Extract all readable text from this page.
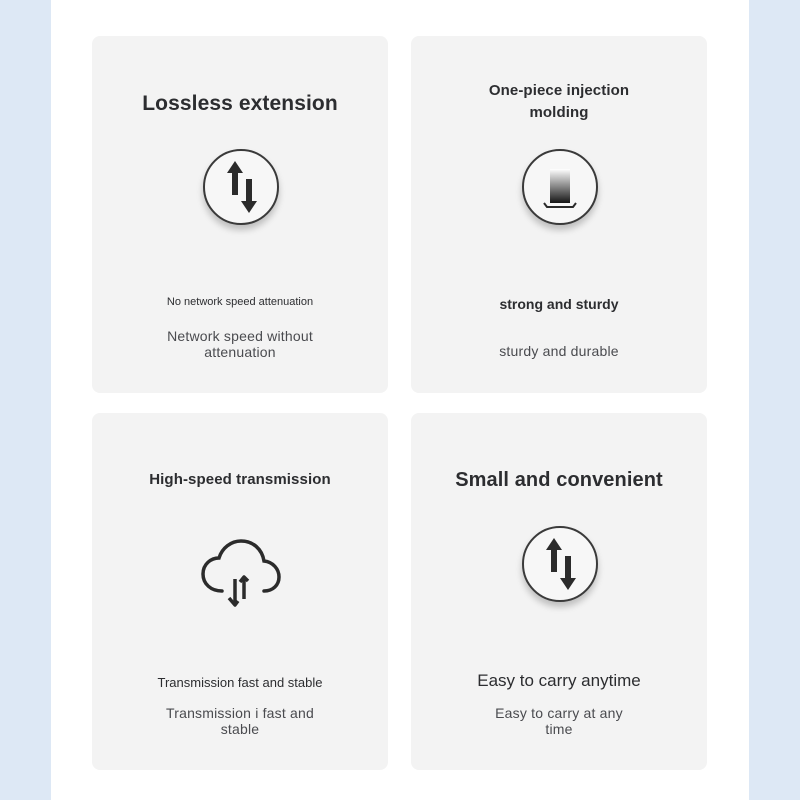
Lossless extension

No network speed attenuation

Network speed without attenuation

One-piece injection molding

strong and sturdy

sturdy and durable

High-speed transmission

Transmission fast and stable

Transmission i fast and stable

Small and convenient

Easy to carry anytime

Easy to carry at any time
